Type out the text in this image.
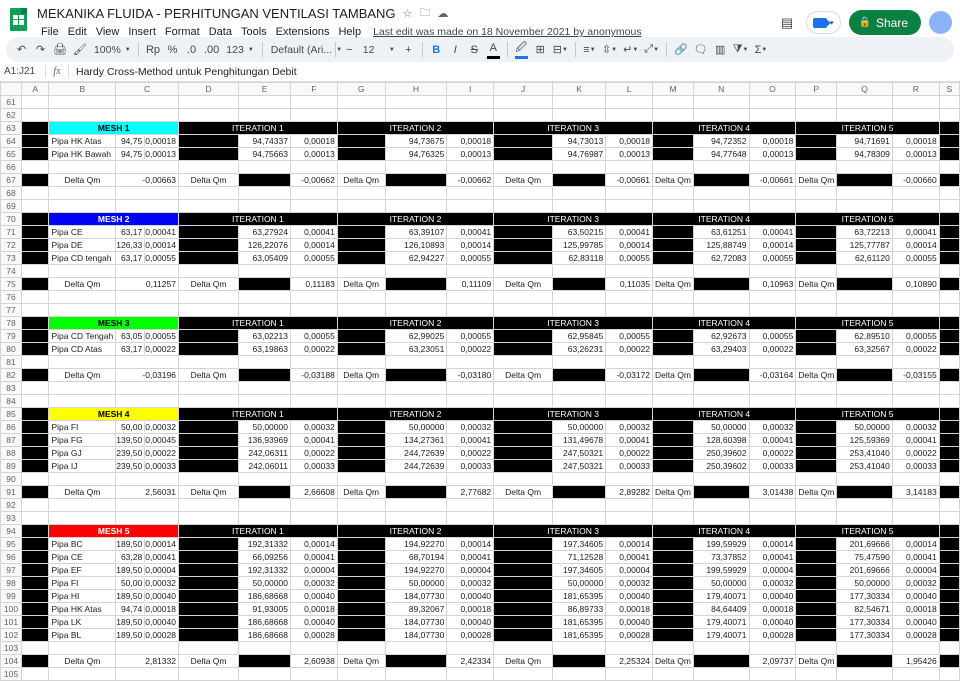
MEKANIKA FLUIDA - PERHITUNGAN VENTILASI TAMBANG ☆ 🗀 ☁
File Edit View Insert Format Data Tools Extensions Help	Last edit was made on 18 November 2021 by anonymous
▤	▾	🔒 Share
↶ ↷ 🖨 🖌 100% ▼ Rp % .0 .00 123 ▼ Default (Ari... ▼ − 12 ▼ +	B	I	S	A	🖉 ⊞ ⊟ ▼ ≡ ▼ ⇳ ▼ ↵ ▼ ⤢ ▼ 🔗 🗨 ▥ ⧩ ▼ Σ ▼
A1:J21	fx	Hardy Cross-Method untuk Penghitungan Debit
	A	B	C	D	E	F	G	H	I	J	K	L	M	N	O	P	Q	R	S
61																			
62																			
63		MESH 1		ITERATION 1			ITERATION 2			ITERATION 3			ITERATION 4			ITERATION 5			
64		Pipa HK Atas	94,75 0,00018		94,74337	0,00018		94,73675	0,00018		94,73013	0,00018		94,72352	0,00018		94,71691	0,00018	
65		Pipa HK Bawah	94,75 0,00013		94,75663	0,00013		94,76325	0,00013		94,76987	0,00013		94,77648	0,00013		94,78309	0,00013	
66																			
67		Delta Qm	-0,00663	Delta Qm		-0,00662	Delta Qm		-0,00662	Delta Qm		-0,00661	Delta Qm		-0,00661	Delta Qm		-0,00660	
68																			
69																			
70		MESH 2		ITERATION 1			ITERATION 2			ITERATION 3			ITERATION 4			ITERATION 5			
71		Pipa CE	63,17 0,00041		63,27924	0,00041		63,39107	0,00041		63,50215	0,00041		63,61251	0,00041		63,72213	0,00041	
72		Pipa DE	126,33 0,00014		126,22076	0,00014		126,10893	0,00014		125,99785	0,00014		125,88749	0,00014		125,77787	0,00014	
73		Pipa CD tengah	63,17 0,00055		63,05409	0,00055		62,94227	0,00055		62,83118	0,00055		62,72083	0,00055		62,61120	0,00055	
74																			
75		Delta Qm	0,11257	Delta Qm		0,11183	Delta Qm		0,11109	Delta Qm		0,11035	Delta Qm		0,10963	Delta Qm		0,10890	
76																			
77																			
78		MESH 3		ITERATION 1			ITERATION 2			ITERATION 3			ITERATION 4			ITERATION 5			
79		Pipa CD Tengah	63,05 0,00055		63,02213	0,00055		62,99025	0,00055		62,95845	0,00055		62,92673	0,00055		62,89510	0,00055	
80		Pipa CD Atas	63,17 0,00022		63,19863	0,00022		63,23051	0,00022		63,26231	0,00022		63,29403	0,00022		63,32567	0,00022	
81																			
82		Delta Qm	-0,03196	Delta Qm		-0,03188	Delta Qm		-0,03180	Delta Qm		-0,03172	Delta Qm		-0,03164	Delta Qm		-0,03155	
83																			
84																			
85		MESH 4		ITERATION 1			ITERATION 2			ITERATION 3			ITERATION 4			ITERATION 5			
86		Pipa FI	50,00 0,00032		50,00000	0,00032		50,00000	0,00032		50,00000	0,00032		50,00000	0,00032		50,00000	0,00032	
87		Pipa FG	139,50 0,00045		136,93969	0,00041		134,27361	0,00041		131,49678	0,00041		128,60398	0,00041		125,59369	0,00041	
88		Pipa GJ	239,50 0,00022		242,06311	0,00022		244,72639	0,00022		247,50321	0,00022		250,39602	0,00022		253,41040	0,00022	
89		Pipa IJ	239,50 0,00033		242,06011	0,00033		244,72639	0,00033		247,50321	0,00033		250,39602	0,00033		253,41040	0,00033	
90																			
91		Delta Qm	2,56031	Delta Qm		2,66608	Delta Qm		2,77682	Delta Qm		2,89282	Delta Qm		3,01438	Delta Qm		3,14183	
92																			
93																			
94		MESH 5		ITERATION 1			ITERATION 2			ITERATION 3			ITERATION 4			ITERATION 5			
95		Pipa BC	189,50 0,00014		192,31332	0,00014		194,92270	0,00014		197,34605	0,00014		199,59929	0,00014		201,69666	0,00014	
96		Pipa CE	63,28 0,00041		66,09256	0,00041		68,70194	0,00041		71,12528	0,00041		73,37852	0,00041		75,47590	0,00041	
97		Pipa EF	189,50 0,00004		192,31332	0,00004		194,92270	0,00004		197,34605	0,00004		199,59929	0,00004		201,69666	0,00004	
98		Pipa FI	50,00 0,00032		50,00000	0,00032		50,00000	0,00032		50,00000	0,00032		50,00000	0,00032		50,00000	0,00032	
99		Pipa HI	189,50 0,00040		186,68668	0,00040		184,07730	0,00040		181,65395	0,00040		179,40071	0,00040		177,30334	0,00040	
100		Pipa HK Atas	94,74 0,00018		91,93005	0,00018		89,32067	0,00018		86,89733	0,00018		84,64409	0,00018		82,54671	0,00018	
101		Pipa LK	189,50 0,00040		186,68668	0,00040		184,07730	0,00040		181,65395	0,00040		179,40071	0,00040		177,30334	0,00040	
102		Pipa BL	189,50 0,00028		186,68668	0,00028		184,07730	0,00028		181,65395	0,00028		179,40071	0,00028		177,30334	0,00028	
103																			
104		Delta Qm	2,81332	Delta Qm		2,60938	Delta Qm		2,42334	Delta Qm		2,25324	Delta Qm		2,09737	Delta Qm		1,95426	
105																			
